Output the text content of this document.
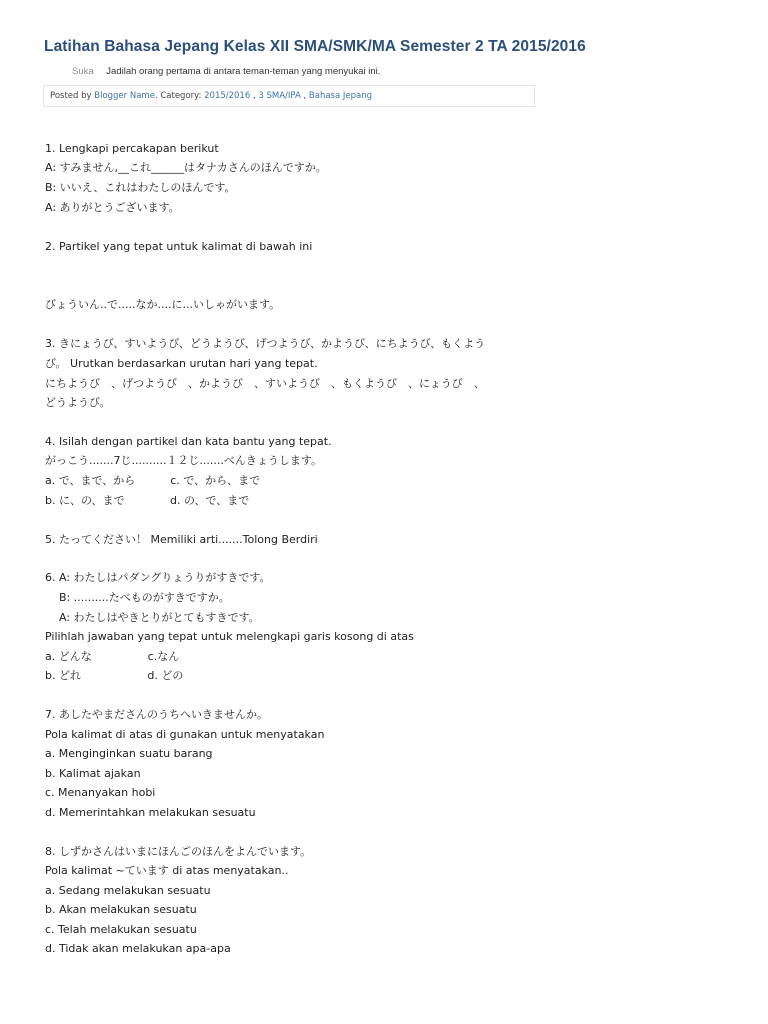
Latihan Bahasa Jepang Kelas XII SMA/SMK/MA Semester 2 TA 2015/2016
Suka Jadilah orang pertama di antara teman-teman yang menyukai ini.
Posted by Blogger Name. Category: 2015/2016 , 3 SMA/IPA , Bahasa Jepang
1. Lengkapi percakapan berikut
A: すみません,__これ______はタナカさんのほんですか。
B: いいえ、これはわたしのほんです。
A: ありがとうございます。
2. Partikel yang tepat untuk kalimat di bawah ini
びょういん..で.....なか....に...いしゃがいます。
3. きにょうび、すいようび、どうようび、げつようび、かようび、にちようび、もくよう
び。 Urutkan berdasarkan urutan hari yang tepat.
にちようび　、げつようび　、かようび　、すいようび　、もくようび　、にょうび　、
どうようび。
4. Isilah dengan partikel dan kata bantu yang tepat.
がっこう.......7じ..........１２じ.......べんきょうします。
a. で、まで、から          c. で、から、まで
b. に、の、まで             d. の、で、まで
5. たってください！ Memiliki arti.......Tolong Berdiri
6. A: わたしはパダングりょうりがすきです。
B: ..........たべものがすきですか。
A: わたしはやきとりがとてもすきです。
Pilihlah jawaban yang tepat untuk melengkapi garis kosong di atas
a. どんな                c.なん
b. どれ                   d. どの
7. あしたやまださんのうちへいきませんか。
Pola kalimat di atas di gunakan untuk menyatakan
a. Menginginkan suatu barang
b. Kalimat ajakan
c. Menanyakan hobi
d. Memerintahkan melakukan sesuatu
8. しずかさんはいまにほんごのほんをよんでいます。
Pola kalimat ~ています di atas menyatakan..
a. Sedang melakukan sesuatu
b. Akan melakukan sesuatu
c. Telah melakukan sesuatu
d. Tidak akan melakukan apa-apa
